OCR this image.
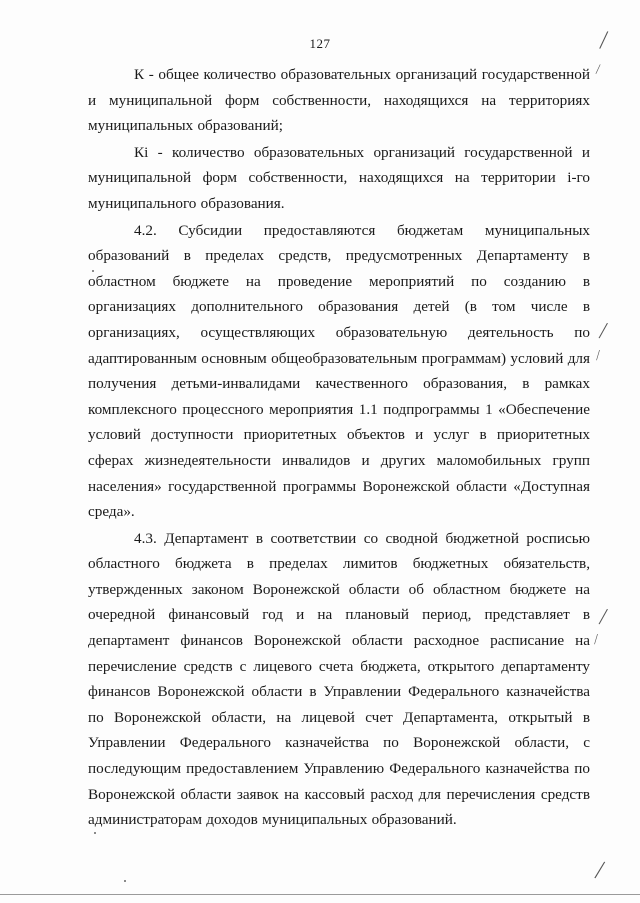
127

К - общее количество образовательных организаций государственной и муниципальной форм собственности, находящихся на территориях муниципальных образований;

Кi - количество образовательных организаций государственной и муниципальной форм собственности, находящихся на территории i-го муниципального образования.

4.2. Субсидии предоставляются бюджетам муниципальных образований в пределах средств, предусмотренных Департаменту в областном бюджете на проведение мероприятий по созданию в организациях дополнительного образования детей (в том числе в организациях, осуществляющих образовательную деятельность по адаптированным основным общеобразовательным программам) условий для получения детьми-инвалидами качественного образования, в рамках комплексного процессного мероприятия 1.1 подпрограммы 1 «Обеспечение условий доступности приоритетных объектов и услуг в приоритетных сферах жизнедеятельности инвалидов и других маломобильных групп населения» государственной программы Воронежской области «Доступная среда».

4.3. Департамент в соответствии со сводной бюджетной росписью областного бюджета в пределах лимитов бюджетных обязательств, утвержденных законом Воронежской области об областном бюджете на очередной финансовый год и на плановый период, представляет в департамент финансов Воронежской области расходное расписание на перечисление средств с лицевого счета бюджета, открытого департаменту финансов Воронежской области в Управлении Федерального казначейства по Воронежской области, на лицевой счет Департамента, открытый в Управлении Федерального казначейства по Воронежской области, с последующим предоставлением Управлению Федерального казначейства по Воронежской области заявок на кассовый расход для перечисления средств администраторам доходов муниципальных образований.

/
/
/
/
/
/
/
